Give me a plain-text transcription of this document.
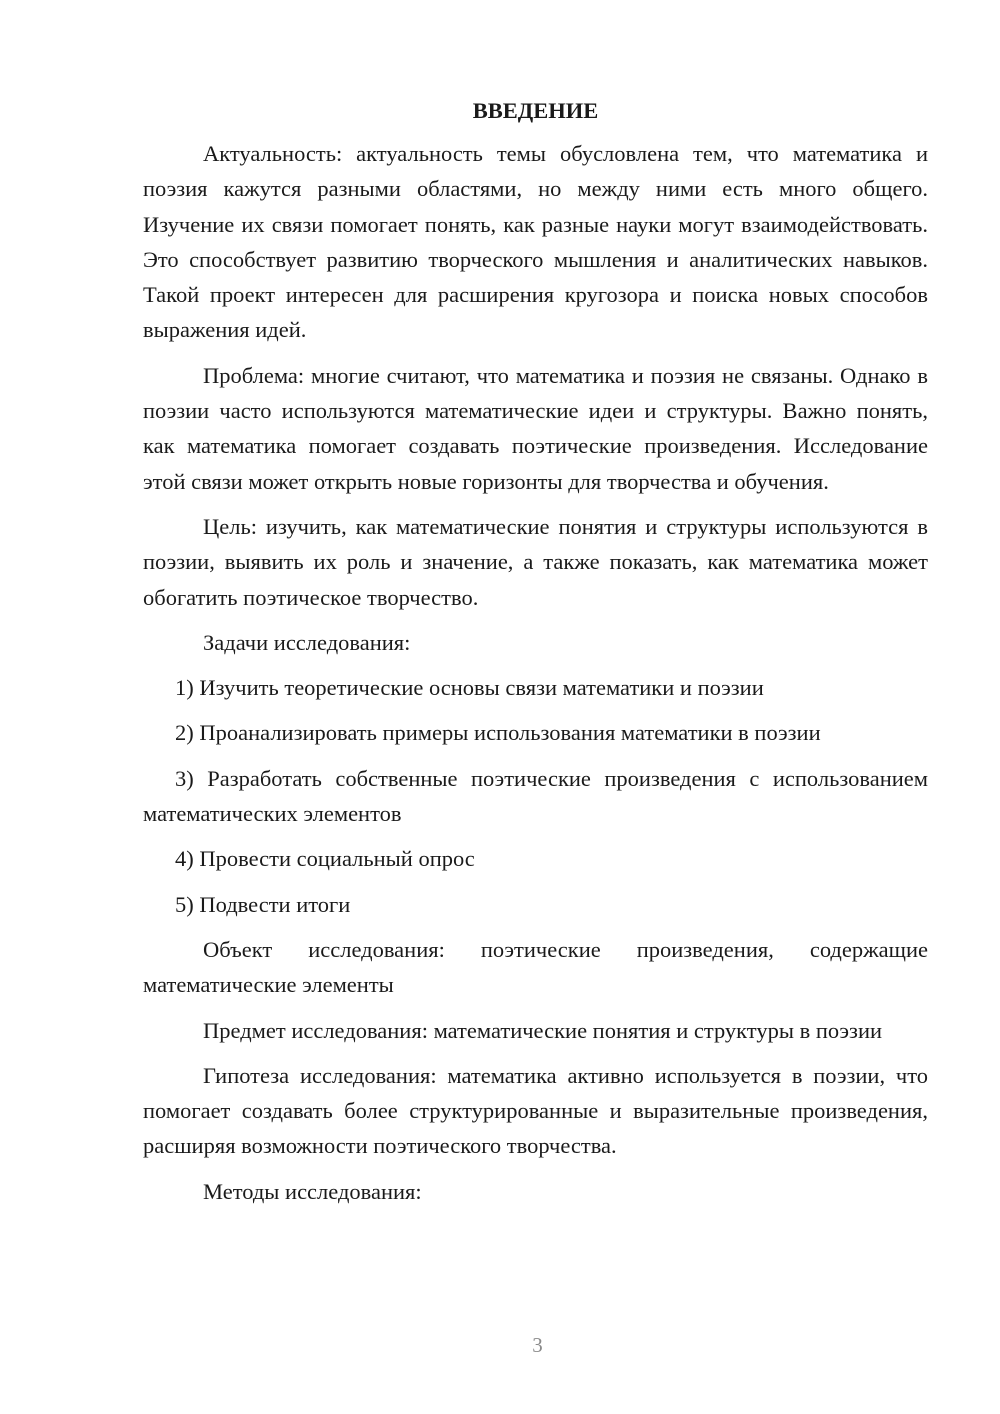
ВВЕДЕНИЕ

Актуальность: актуальность темы обусловлена тем, что математика и поэзия кажутся разными областями, но между ними есть много общего. Изучение их связи помогает понять, как разные науки могут взаимодействовать. Это способствует развитию творческого мышления и аналитических навыков. Такой проект интересен для расширения кругозора и поиска новых способов выражения идей.

Проблема: многие считают, что математика и поэзия не связаны. Однако в поэзии часто используются математические идеи и структуры. Важно понять, как математика помогает создавать поэтические произведения. Исследование этой связи может открыть новые горизонты для творчества и обучения.

Цель: изучить, как математические понятия и структуры используются в поэзии, выявить их роль и значение, а также показать, как математика может обогатить поэтическое творчество.

Задачи исследования:

1) Изучить теоретические основы связи математики и поэзии

2) Проанализировать примеры использования математики в поэзии

3) Разработать собственные поэтические произведения с использованием математических элементов

4) Провести социальный опрос

5) Подвести итоги

Объект исследования: поэтические произведения, содержащие математические элементы

Предмет исследования: математические понятия и структуры в поэзии

Гипотеза исследования: математика активно используется в поэзии, что помогает создавать более структурированные и выразительные произведения, расширяя возможности поэтического творчества.

Методы исследования:

3
